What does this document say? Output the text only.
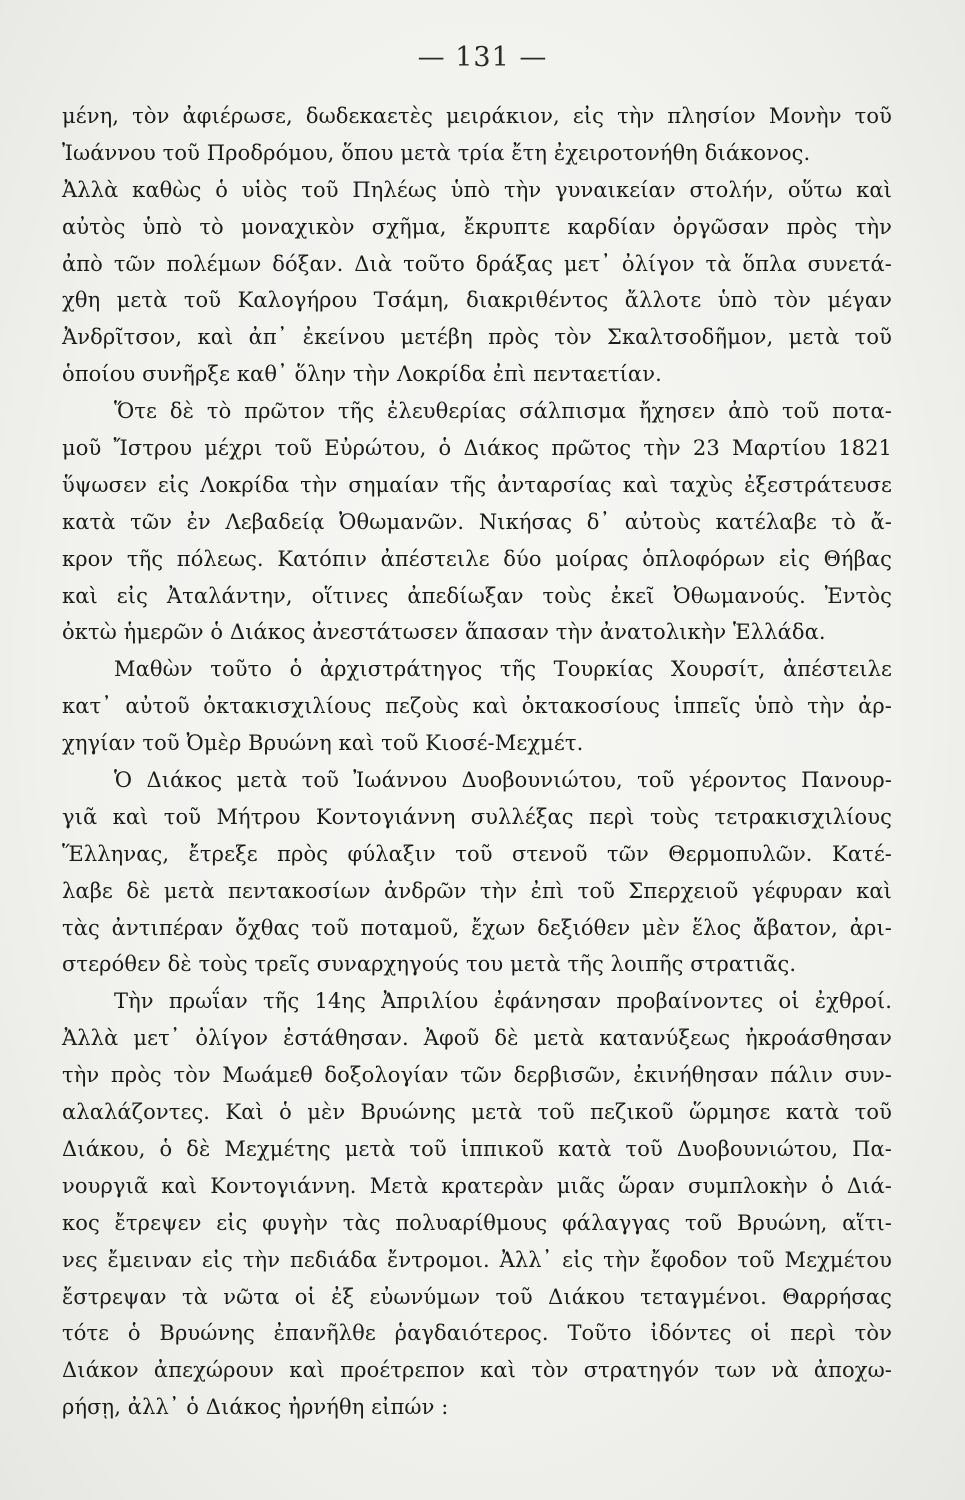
— 131 —
μένη, τὸν ἀφιέρωσε, δωδεκαετὲς μειράκιον, εἰς τὴν πλησίον Μονὴν τοῦ
Ἰωάννου τοῦ Προδρόμου, ὅπου μετὰ τρία ἔτη ἐχειροτονήθη διάκονος.
Ἀλλὰ καθὼς ὁ υἱὸς τοῦ Πηλέως ὑπὸ τὴν γυναικείαν στολήν, οὕτω καὶ
αὐτὸς ὑπὸ τὸ μοναχικὸν σχῆμα, ἔκρυπτε καρδίαν ὀργῶσαν πρὸς τὴν
ἀπὸ τῶν πολέμων δόξαν. Διὰ τοῦτο δράξας μετ᾽ ὀλίγον τὰ ὅπλα συνετά-
χθη μετὰ τοῦ Καλογήρου Τσάμη, διακριθέντος ἄλλοτε ὑπὸ τὸν μέγαν
Ἀνδρῖτσον, καὶ ἀπ᾽ ἐκείνου μετέβη πρὸς τὸν Σκαλτσοδῆμον, μετὰ τοῦ
ὁποίου συνῆρξε καθ᾽ ὅλην τὴν Λοκρίδα ἐπὶ πενταετίαν.
Ὅτε δὲ τὸ πρῶτον τῆς ἐλευθερίας σάλπισμα ἤχησεν ἀπὸ τοῦ ποτα-
μοῦ Ἴστρου μέχρι τοῦ Εὐρώτου, ὁ Διάκος πρῶτος τὴν 23 Μαρτίου 1821
ὕψωσεν εἰς Λοκρίδα τὴν σημαίαν τῆς ἀνταρσίας καὶ ταχὺς ἐξεστράτευσε
κατὰ τῶν ἐν Λεβαδείᾳ Ὀθωμανῶν. Νικήσας δ᾽ αὐτοὺς κατέλαβε τὸ ἄ-
κρον τῆς πόλεως. Κατόπιν ἀπέστειλε δύο μοίρας ὁπλοφόρων εἰς Θήβας
καὶ εἰς Ἀταλάντην, οἵτινες ἀπεδίωξαν τοὺς ἐκεῖ Ὀθωμανούς. Ἐντὸς
ὀκτὼ ἡμερῶν ὁ Διάκος ἀνεστάτωσεν ἅπασαν τὴν ἀνατολικὴν Ἑλλάδα.
Μαθὼν τοῦτο ὁ ἀρχιστράτηγος τῆς Τουρκίας Χουρσίτ, ἀπέστειλε
κατ᾽ αὐτοῦ ὀκτακισχιλίους πεζοὺς καὶ ὀκτακοσίους ἱππεῖς ὑπὸ τὴν ἀρ-
χηγίαν τοῦ Ὀμὲρ Βρυώνη καὶ τοῦ Κιοσέ-Μεχμέτ.
Ὁ Διάκος μετὰ τοῦ Ἰωάννου Δυοβουνιώτου, τοῦ γέροντος Πανουρ-
γιᾶ καὶ τοῦ Μήτρου Κοντογιάννη συλλέξας περὶ τοὺς τετρακισχιλίους
Ἕλληνας, ἔτρεξε πρὸς φύλαξιν τοῦ στενοῦ τῶν Θερμοπυλῶν. Κατέ-
λαβε δὲ μετὰ πεντακοσίων ἀνδρῶν τὴν ἐπὶ τοῦ Σπερχειοῦ γέφυραν καὶ
τὰς ἀντιπέραν ὄχθας τοῦ ποταμοῦ, ἔχων δεξιόθεν μὲν ἕλος ἄβατον, ἀρι-
στερόθεν δὲ τοὺς τρεῖς συναρχηγούς του μετὰ τῆς λοιπῆς στρατιᾶς.
Τὴν πρωΐαν τῆς 14ης Ἀπριλίου ἐφάνησαν προβαίνοντες οἱ ἐχθροί.
Ἀλλὰ μετ᾽ ὀλίγον ἐστάθησαν. Ἀφοῦ δὲ μετὰ κατανύξεως ἠκροάσθησαν
τὴν πρὸς τὸν Μωάμεθ δοξολογίαν τῶν δερβισῶν, ἐκινήθησαν πάλιν συν-
αλαλάζοντες. Καὶ ὁ μὲν Βρυώνης μετὰ τοῦ πεζικοῦ ὥρμησε κατὰ τοῦ
Διάκου, ὁ δὲ Μεχμέτης μετὰ τοῦ ἱππικοῦ κατὰ τοῦ Δυοβουνιώτου, Πα-
νουργιᾶ καὶ Κοντογιάννη. Μετὰ κρατερὰν μιᾶς ὥραν συμπλοκὴν ὁ Διά-
κος ἔτρεψεν εἰς φυγὴν τὰς πολυαρίθμους φάλαγγας τοῦ Βρυώνη, αἵτι-
νες ἔμειναν εἰς τὴν πεδιάδα ἔντρομοι. Ἀλλ᾽ εἰς τὴν ἔφοδον τοῦ Μεχμέτου
ἔστρεψαν τὰ νῶτα οἱ ἐξ εὐωνύμων τοῦ Διάκου τεταγμένοι. Θαρρήσας
τότε ὁ Βρυώνης ἐπανῆλθε ῥαγδαιότερος. Τοῦτο ἰδόντες οἱ περὶ τὸν
Διάκον ἀπεχώρουν καὶ προέτρεπον καὶ τὸν στρατηγόν των νὰ ἀποχω-
ρήσῃ, ἀλλ᾽ ὁ Διάκος ἠρνήθη εἰπών :
